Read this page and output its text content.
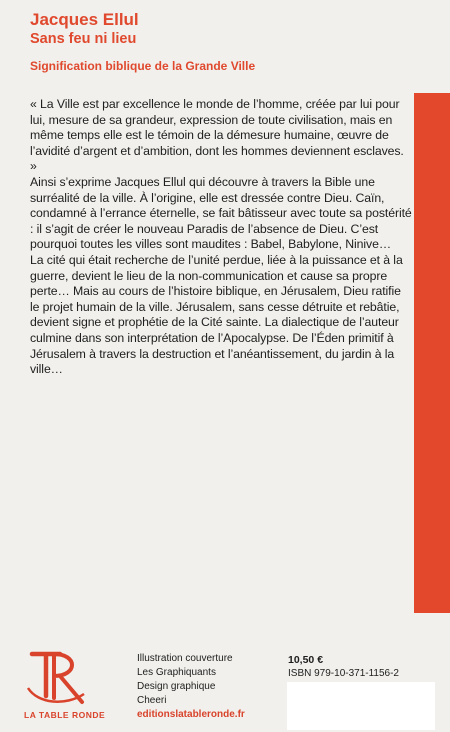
Jacques Ellul
Sans feu ni lieu
Signification biblique de la Grande Ville

« La Ville est par excellence le monde de l’homme, créée par lui pour lui, mesure de sa grandeur, expression de toute civilisation, mais en même temps elle est le témoin de la démesure humaine, œuvre de l’avidité d’argent et d’ambition, dont les hommes deviennent esclaves. »

Ainsi s’exprime Jacques Ellul qui découvre à travers la Bible une surréalité de la ville. À l’origine, elle est dressée contre Dieu. Caïn, condamné à l’errance éternelle, se fait bâtisseur avec toute sa postérité : il s’agit de créer le nouveau Paradis de l’absence de Dieu. C’est pourquoi toutes les villes sont maudites : Babel, Babylone, Ninive…

La cité qui était recherche de l’unité perdue, liée à la puissance et à la guerre, devient le lieu de la non-communication et cause sa propre perte… Mais au cours de l’histoire biblique, en Jérusalem, Dieu ratifie le projet humain de la ville. Jérusalem, sans cesse détruite et rebâtie, devient signe et prophétie de la Cité sainte. La dialectique de l’auteur culmine dans son interprétation de l’Apocalypse. De l’Éden primitif à Jérusalem à travers la destruction et l’anéantissement, du jardin à la ville…

LA TABLE RONDE
Illustration couverture
Les Graphiquants
Design graphique
Cheeri
editionslatableronde.fr
10,50 €
ISBN 979-10-371-1156-2
